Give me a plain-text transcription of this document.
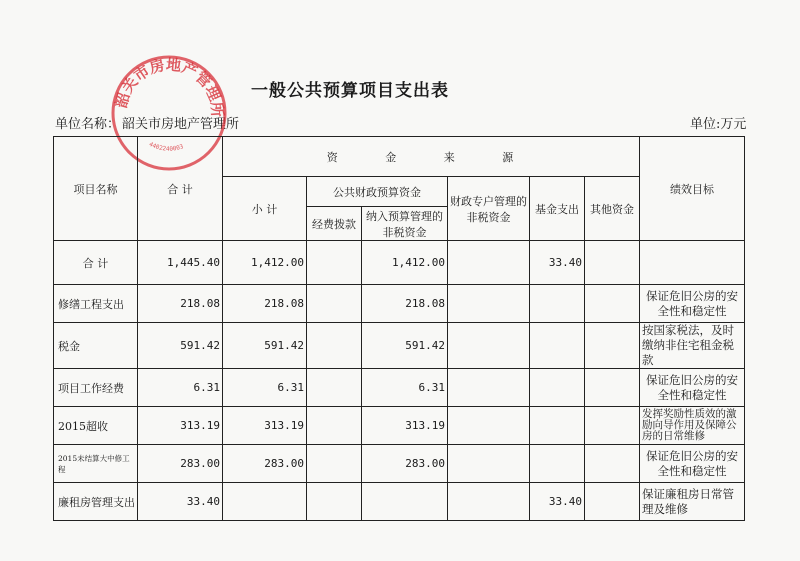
一般公共预算项目支出表
单位名称： 韶关市房地产管理所	单位:万元
韶关市房地产管理所
4402240003
项目名称	合 计	资 金 来 源						绩效目标
		小 计	公共财政预算资金		财政专户管理的非税资金	基金支出	其他资金	
			经费拨款	纳入预算管理的非税资金				
合 计	1,445.40	1,412.00		1,412.00		33.40		
修缮工程支出	218.08	218.08		218.08				保证危旧公房的安全性和稳定性
税金	591.42	591.42		591.42				按国家税法，及时缴纳非住宅租金税款
项目工作经费	6.31	6.31		6.31				保证危旧公房的安全性和稳定性
2015超收	313.19	313.19		313.19				发挥奖励性质效的激励向导作用及保障公房的日常维修
2015未结算大中修工程	283.00	283.00		283.00				保证危旧公房的安全性和稳定性
廉租房管理支出	33.40					33.40		保证廉租房日常管理及维修
